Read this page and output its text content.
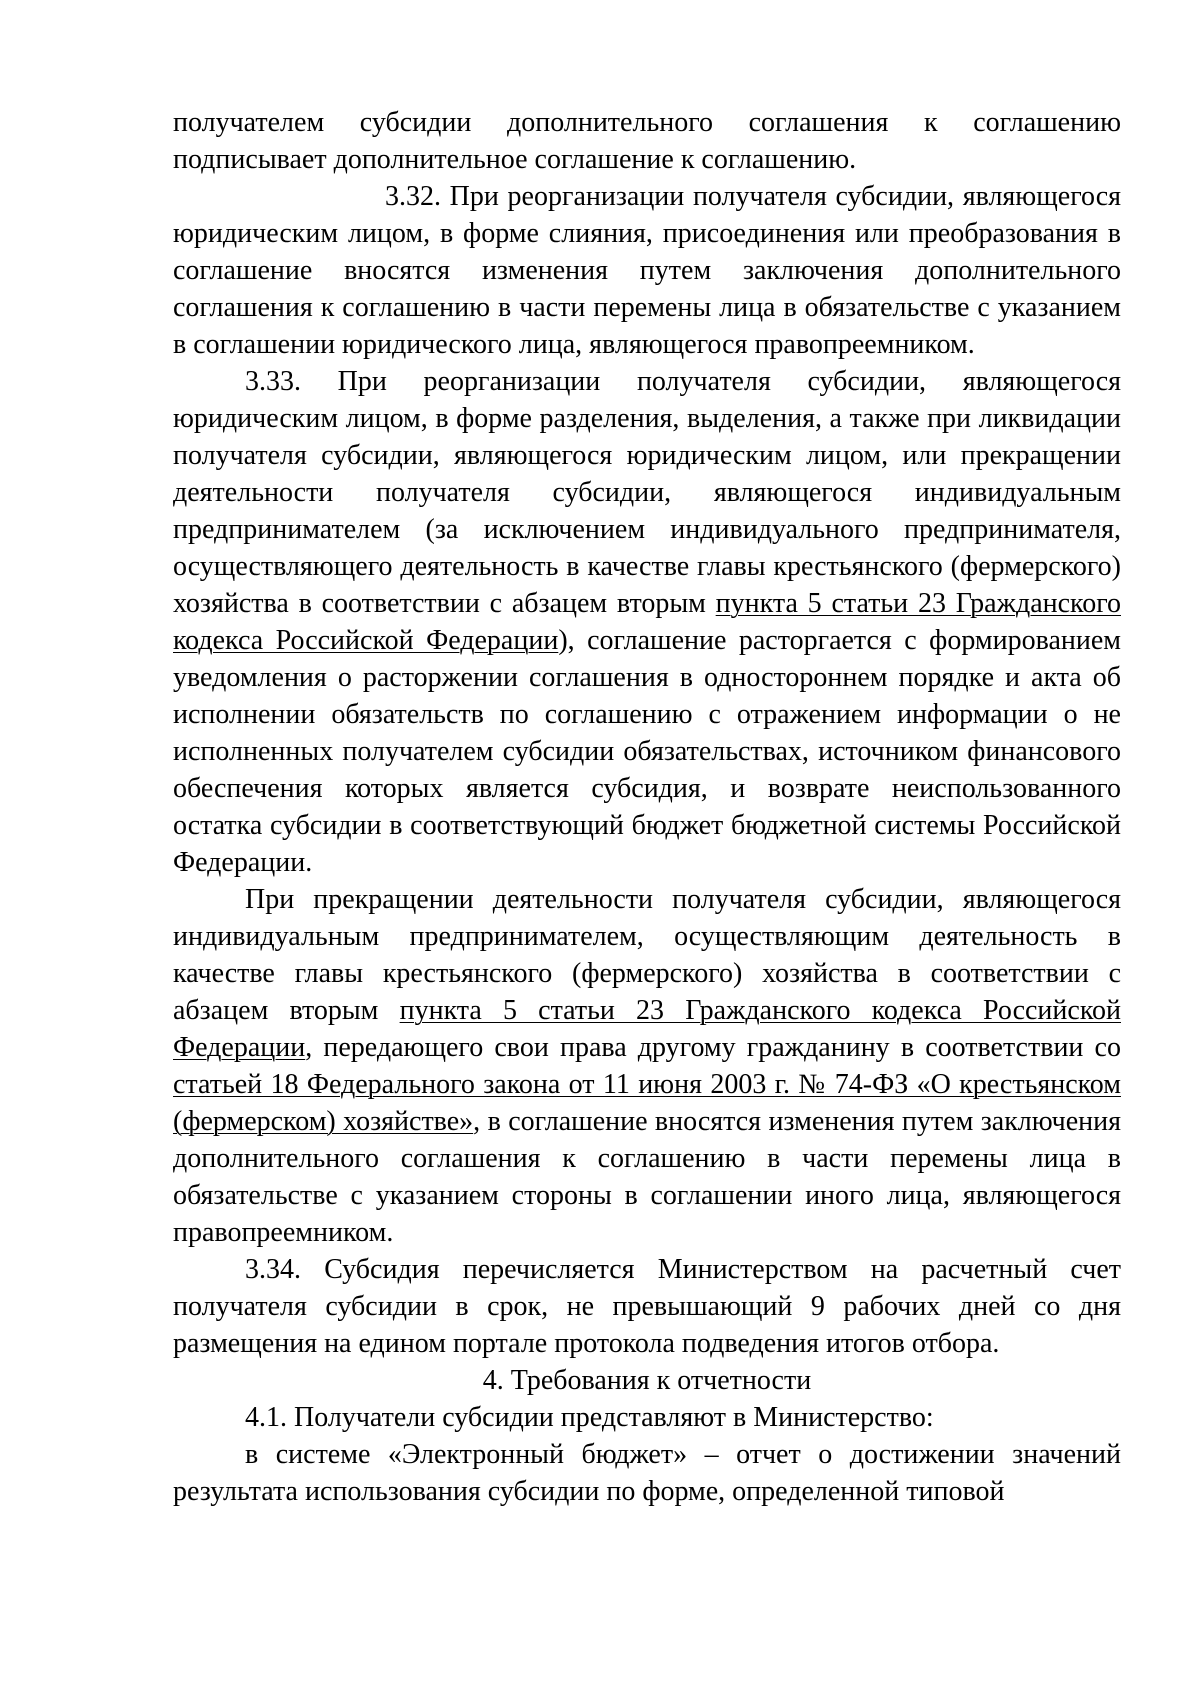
получателем субсидии дополнительного соглашения к соглашению подписывает дополнительное соглашение к соглашению.

3.32. При реорганизации получателя субсидии, являющегося юридическим лицом, в форме слияния, присоединения или преобразования в соглашение вносятся изменения путем заключения дополнительного соглашения к соглашению в части перемены лица в обязательстве с указанием в соглашении юридического лица, являющегося правопреемником.

3.33. При реорганизации получателя субсидии, являющегося юридическим лицом, в форме разделения, выделения, а также при ликвидации получателя субсидии, являющегося юридическим лицом, или прекращении деятельности получателя субсидии, являющегося индивидуальным предпринимателем (за исключением индивидуального предпринимателя, осуществляющего деятельность в качестве главы крестьянского (фермерского) хозяйства в соответствии с абзацем вторым пункта 5 статьи 23 Гражданского кодекса Российской Федерации), соглашение расторгается с формированием уведомления о расторжении соглашения в одностороннем порядке и акта об исполнении обязательств по соглашению с отражением информации о не исполненных получателем субсидии обязательствах, источником финансового обеспечения которых является субсидия, и возврате неиспользованного остатка субсидии в соответствующий бюджет бюджетной системы Российской Федерации.

При прекращении деятельности получателя субсидии, являющегося индивидуальным предпринимателем, осуществляющим деятельность в качестве главы крестьянского (фермерского) хозяйства в соответствии с абзацем вторым пункта 5 статьи 23 Гражданского кодекса Российской Федерации, передающего свои права другому гражданину в соответствии со статьей 18 Федерального закона от 11 июня 2003 г. № 74-ФЗ «О крестьянском (фермерском) хозяйстве», в соглашение вносятся изменения путем заключения дополнительного соглашения к соглашению в части перемены лица в обязательстве с указанием стороны в соглашении иного лица, являющегося правопреемником.

3.34. Субсидия перечисляется Министерством на расчетный счет получателя субсидии в срок, не превышающий 9 рабочих дней со дня размещения на едином портале протокола подведения итогов отбора.

4. Требования к отчетности

4.1. Получатели субсидии представляют в Министерство:

в системе «Электронный бюджет» – отчет о достижении значений результата использования субсидии по форме, определенной типовой
